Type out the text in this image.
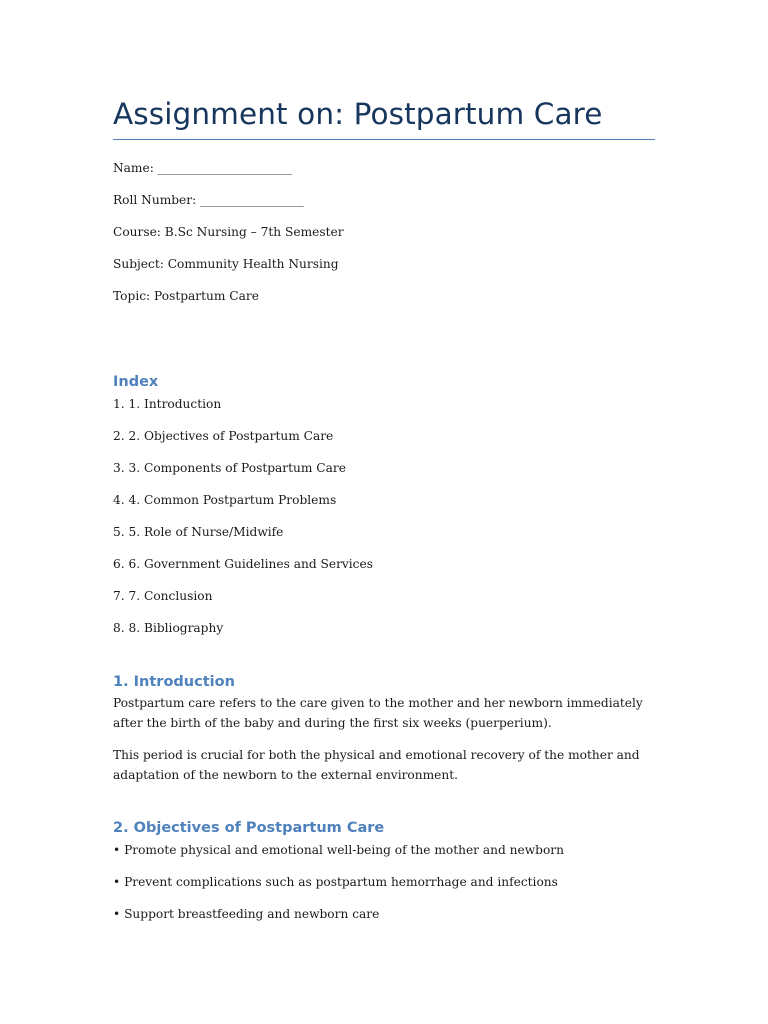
Assignment on: Postpartum Care
Name: ______________________
Roll Number: _________________
Course: B.Sc Nursing – 7th Semester
Subject: Community Health Nursing
Topic: Postpartum Care
Index
1. 1. Introduction
2. 2. Objectives of Postpartum Care
3. 3. Components of Postpartum Care
4. 4. Common Postpartum Problems
5. 5. Role of Nurse/Midwife
6. 6. Government Guidelines and Services
7. 7. Conclusion
8. 8. Bibliography
1. Introduction
Postpartum care refers to the care given to the mother and her newborn immediately after the birth of the baby and during the first six weeks (puerperium).
This period is crucial for both the physical and emotional recovery of the mother and adaptation of the newborn to the external environment.
2. Objectives of Postpartum Care
• Promote physical and emotional well-being of the mother and newborn
• Prevent complications such as postpartum hemorrhage and infections
• Support breastfeeding and newborn care
